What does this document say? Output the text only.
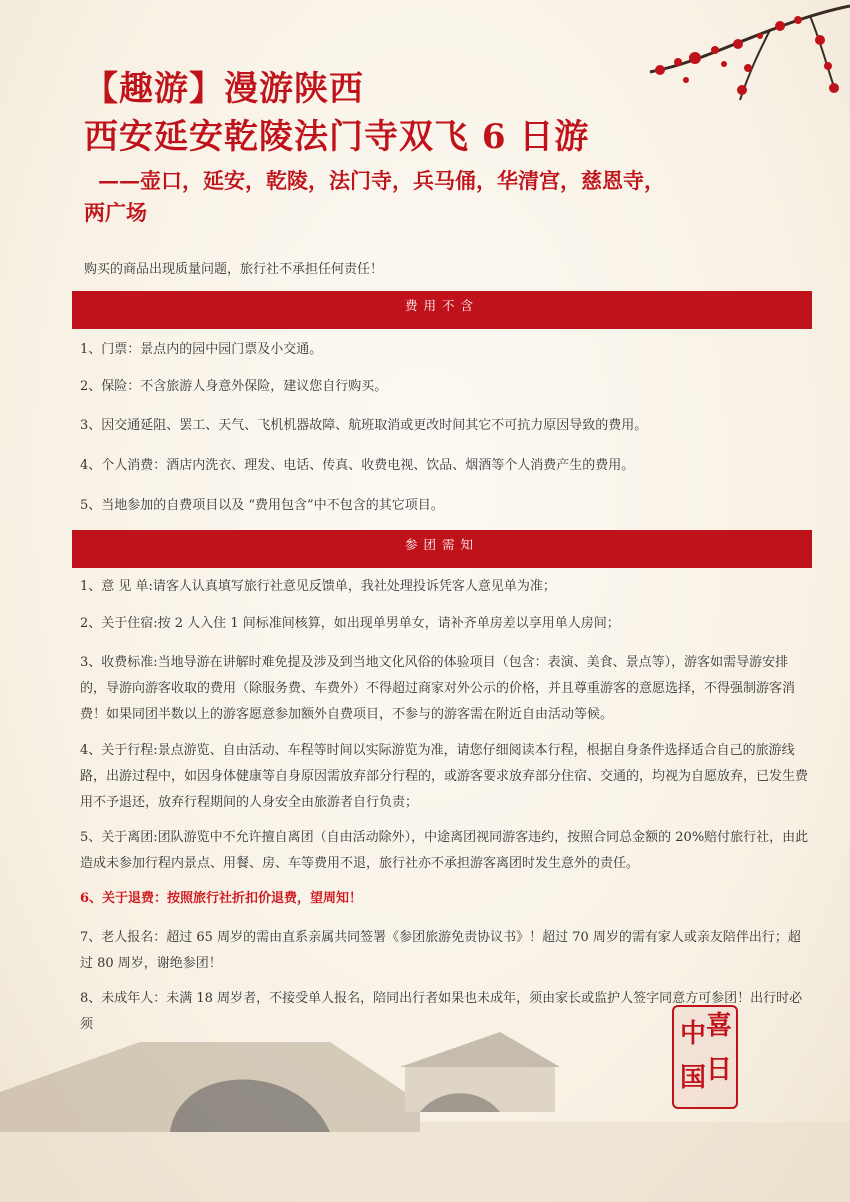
中
国
喜
日
【趣游】漫游陕西
西安延安乾陵法门寺双飞 6 日游

——壶口，延安，乾陵，法门寺，兵马俑，华清宫，慈恩寺，
两广场

购买的商品出现质量问题，旅行社不承担任何责任！
费用不含
1、门票：景点内的园中园门票及小交通。
2、保险：不含旅游人身意外保险，建议您自行购买。
3、因交通延阻、罢工、天气、飞机机器故障、航班取消或更改时间其它不可抗力原因导致的费用。
4、个人消费：酒店内洗衣、理发、电话、传真、收费电视、饮品、烟酒等个人消费产生的费用。
5、当地参加的自费项目以及 “费用包含”中不包含的其它项目。
参团需知
1、意 见 单:请客人认真填写旅行社意见反馈单，我社处理投诉凭客人意见单为准；
2、关于住宿:按 2 人入住 1 间标准间核算，如出现单男单女，请补齐单房差以享用单人房间；
3、收费标准:当地导游在讲解时难免提及涉及到当地文化风俗的体验项目（包含：表演、美食、景点等），游客如需导游安排的，导游向游客收取的费用（除服务费、车费外）不得超过商家对外公示的价格，并且尊重游客的意愿选择，不得强制游客消费！如果同团半数以上的游客愿意参加额外自费项目，不参与的游客需在附近自由活动等候。
4、关于行程:景点游览、自由活动、车程等时间以实际游览为准，请您仔细阅读本行程，根据自身条件选择适合自己的旅游线路，出游过程中，如因身体健康等自身原因需放弃部分行程的，或游客要求放弃部分住宿、交通的，均视为自愿放弃，已发生费用不予退还，放弃行程期间的人身安全由旅游者自行负责；
5、关于离团:团队游览中不允许擅自离团（自由活动除外），中途离团视同游客违约，按照合同总金额的 20%赔付旅行社，由此造成未参加行程内景点、用餐、房、车等费用不退，旅行社亦不承担游客离团时发生意外的责任。
6、关于退费：按照旅行社折扣价退费，望周知！
7、老人报名：超过 65 周岁的需由直系亲属共同签署《参团旅游免责协议书》！超过 70 周岁的需有家人或亲友陪伴出行；超过 80 周岁，谢绝参团！
8、未成年人：未满 18 周岁者，不接受单人报名，陪同出行者如果也未成年，须由家长或监护人签字同意方可参团！出行时必须
